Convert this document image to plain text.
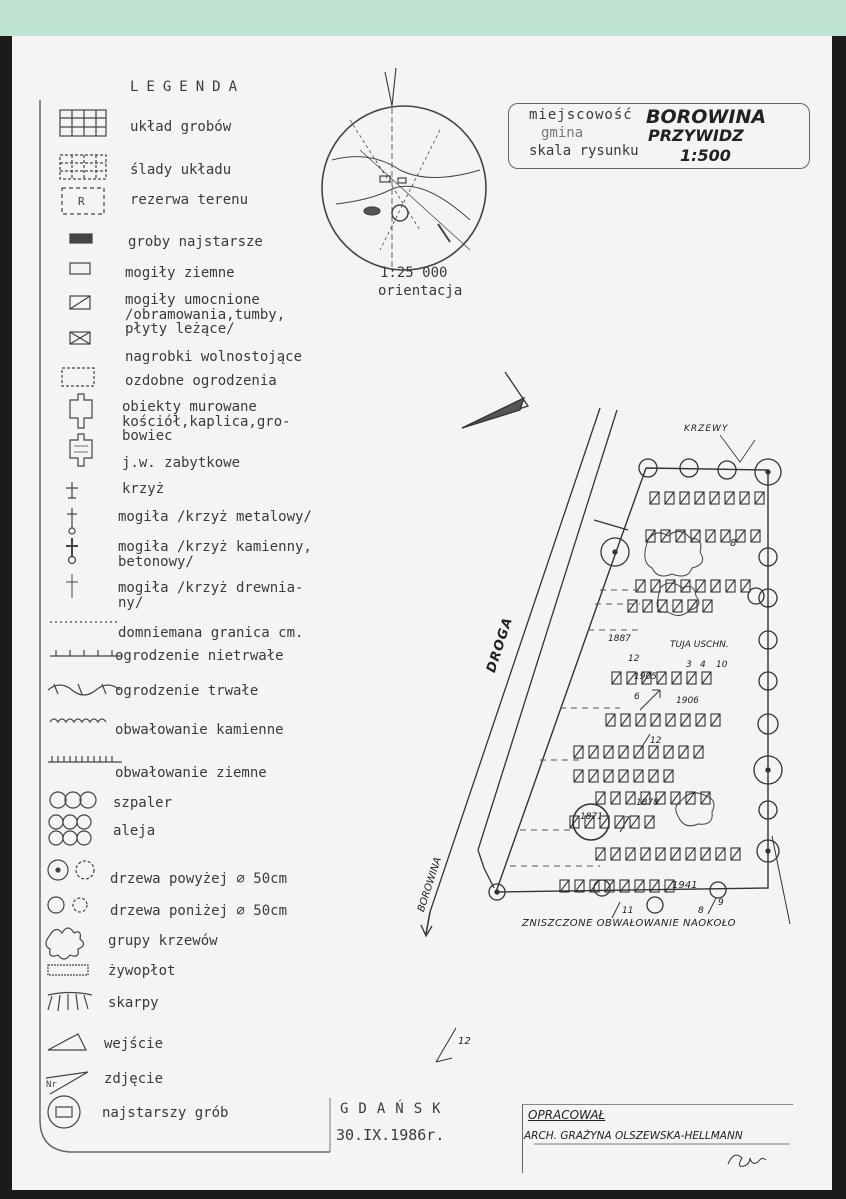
R
Nr
LEGENDA
układ grobów
ślady układu
rezerwa terenu
groby najstarsze
mogiły ziemne
mogiły umocnione
/obramowania,tumby,
płyty leżące/
nagrobki wolnostojące
ozdobne ogrodzenia
obiekty murowane
kościół,kaplica,gro-
bowiec
j.w. zabytkowe
krzyż
mogiła /krzyż metalowy/
mogiła /krzyż kamienny,
betonowy/
mogiła /krzyż drewnia-
ny/
domniemana granica cm.
ogrodzenie nietrwałe
ogrodzenie trwałe
obwałowanie kamienne
obwałowanie ziemne
szpaler
aleja
drzewa powyżej ∅ 50cm
drzewa poniżej ∅ 50cm
grupy krzewów
żywopłot
skarpy
wejście
zdjęcie
najstarszy grób
miejscowość
gmina
skala rysunku
BOROWINA
PRZYWIDZ
1:500
1:25 000
orientacja
KRZEWY
DROGA
BOROWINA
TUJA USCHN.
ZNISZCZONE OBWAŁOWANIE NAOKOŁO
1887
1905
1906
1878
1871
1941
12
6
12
7
11	8
9
12
8
3 4 10
GDAŃSK
30.IX.1986r.
OPRACOWAŁ
ARCH. GRAŻYNA OLSZEWSKA-HELLMANN
